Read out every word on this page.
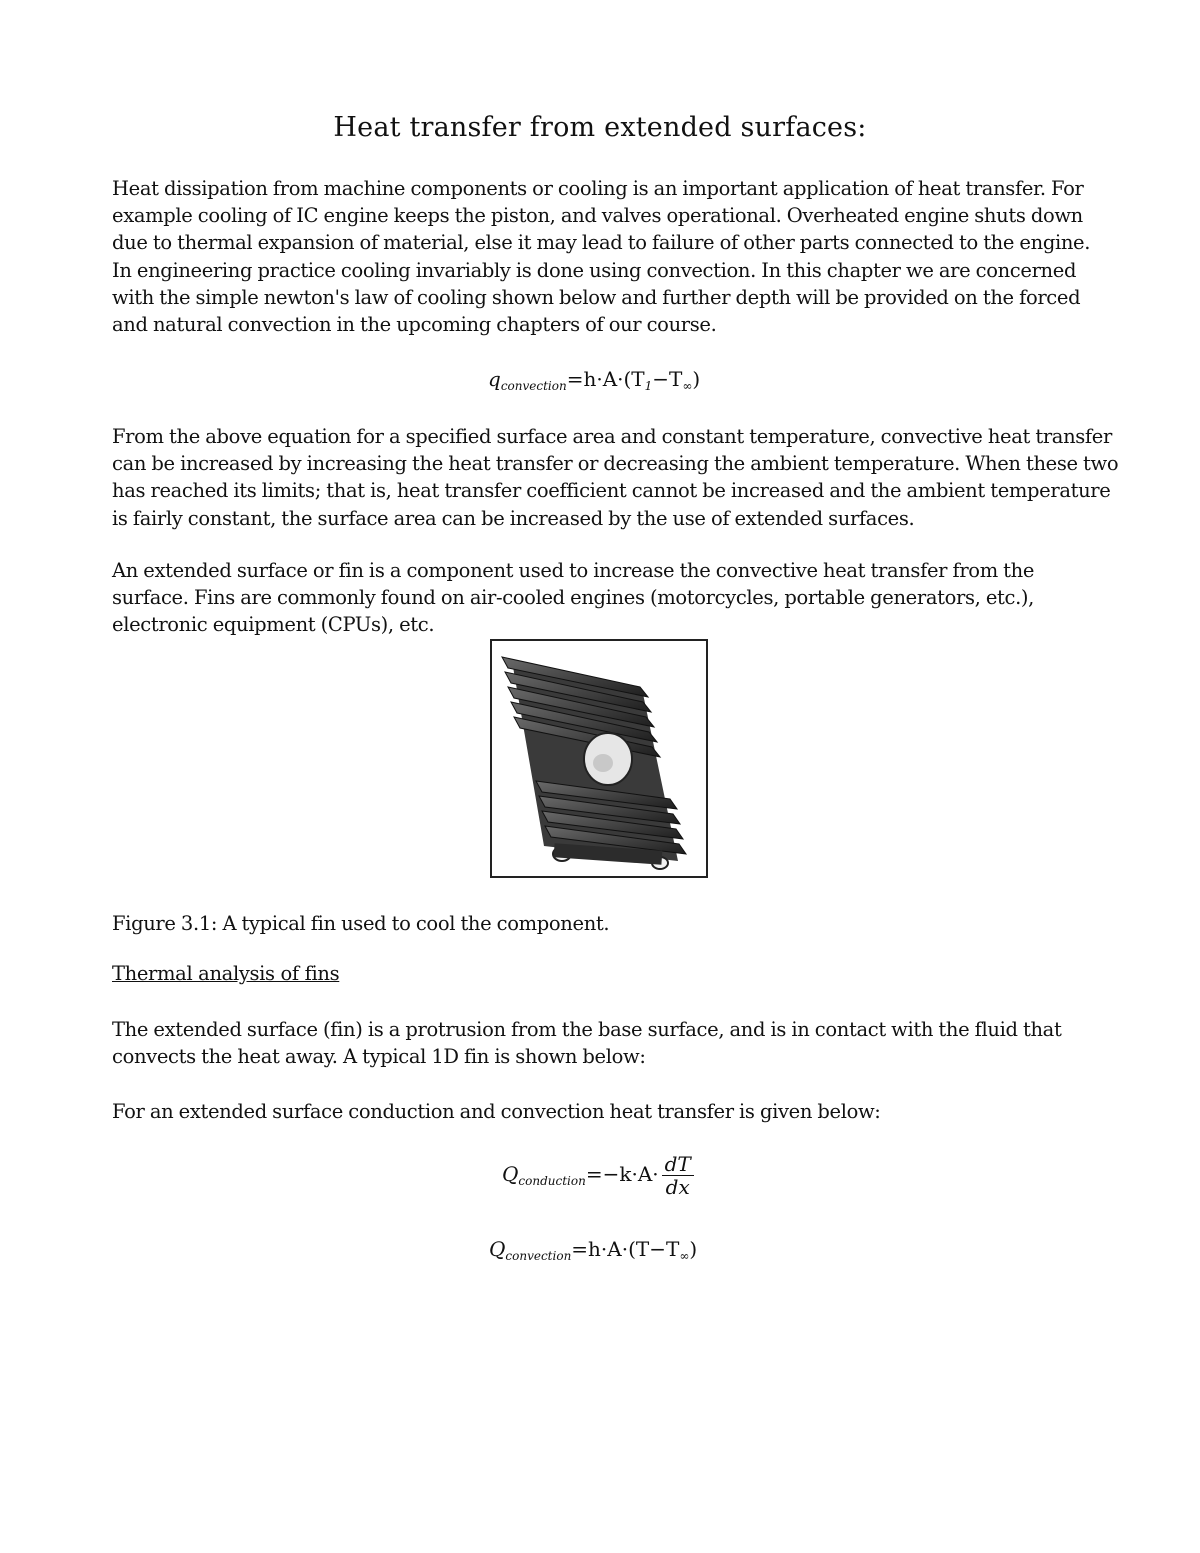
Heat transfer from extended surfaces:
Heat dissipation from machine components or cooling is an important application of heat transfer. For
example cooling of IC engine keeps the piston, and valves operational. Overheated engine shuts down
due to thermal expansion of material, else it may lead to failure of other parts connected to the engine.
In engineering practice cooling invariably is done using convection. In this chapter we are concerned
with the simple newton's law of cooling shown below and further depth will be provided on the forced
and natural convection in the upcoming chapters of our course.
$q_{convection}=h\cdot A\cdot(T_1-T_\infty)$
From the above equation for a specified surface area and constant temperature, convective heat transfer
can be increased by increasing the heat transfer or decreasing the ambient temperature. When these two
has reached its limits; that is, heat transfer coefficient cannot be increased and the ambient temperature
is fairly constant, the surface area can be increased by the use of extended surfaces.
An extended surface or fin is a component used to increase the convective heat transfer from the
surface. Fins are commonly found on air-cooled engines (motorcycles, portable generators, etc.),
electronic equipment (CPUs), etc.
Figure 3.1: A typical fin used to cool the component.
Thermal analysis of fins
The extended surface (fin) is a protrusion from the base surface, and is in contact with the fluid that
convects the heat away. A typical 1D fin is shown below:
For an extended surface conduction and convection heat transfer is given below:
$Q_{conduction}=-k\cdot A\cdot \frac{dT}{dx}$
$Q_{convection}=h\cdot A\cdot(T-T_\infty)$
